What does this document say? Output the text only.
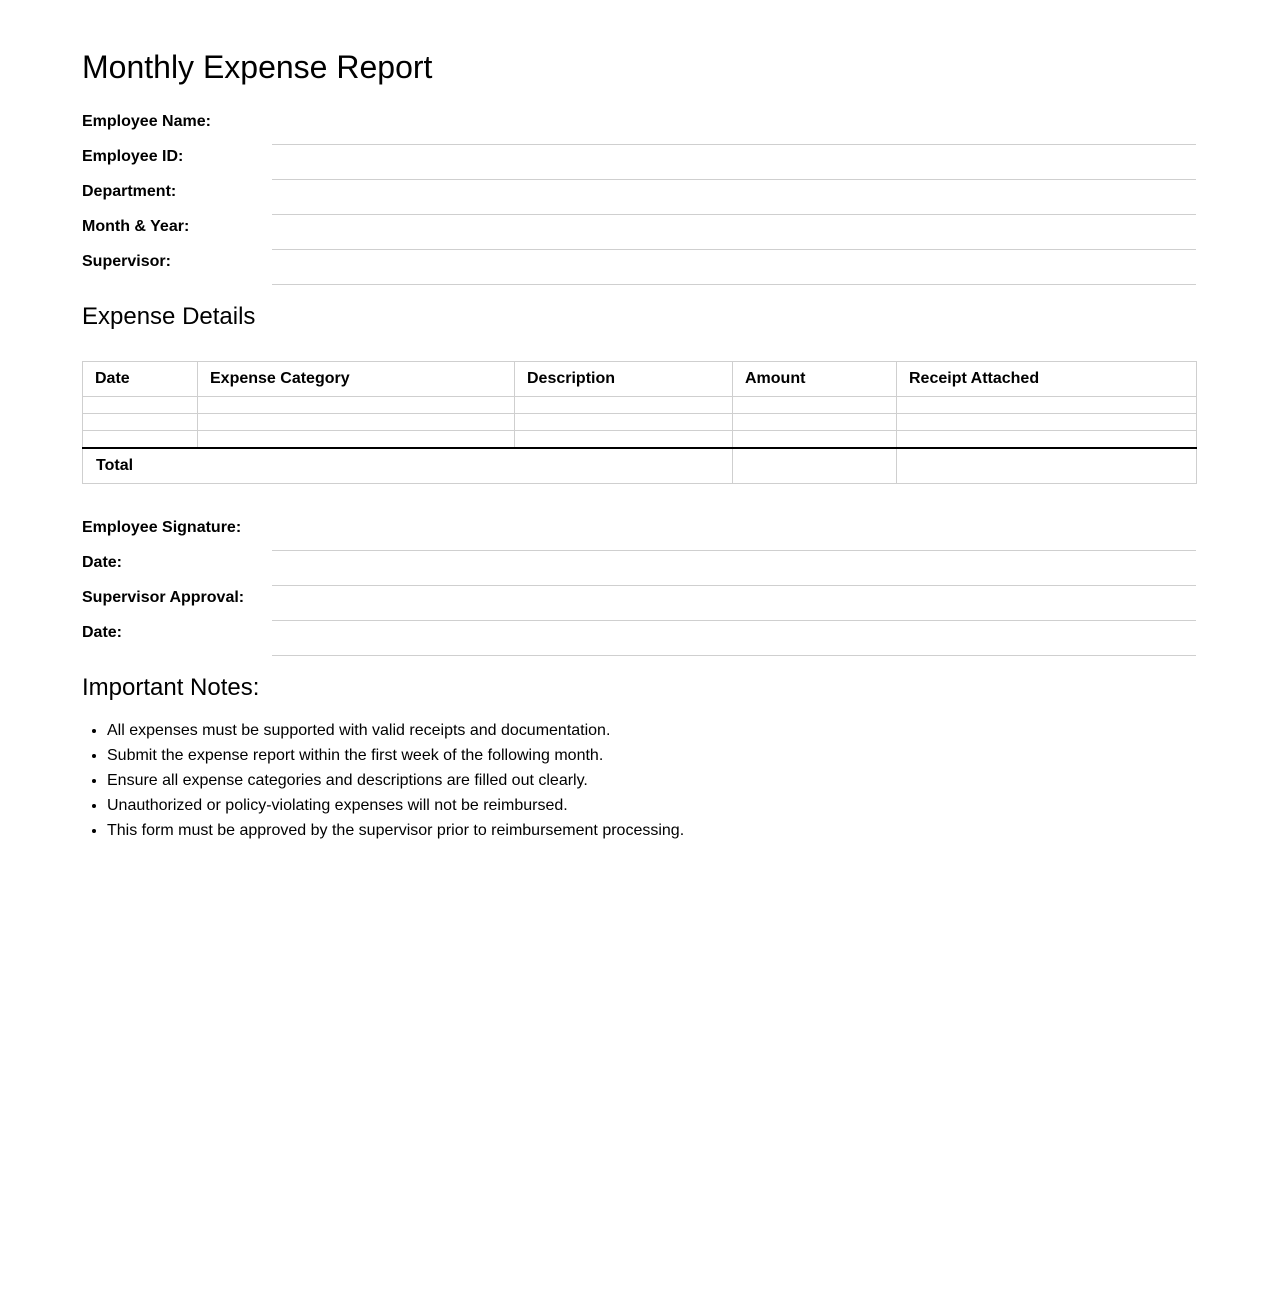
Monthly Expense Report
Employee Name:
Employee ID:
Department:
Month & Year:
Supervisor:
Expense Details
Date	Expense Category	Description	Amount	Receipt Attached

Total				
Employee Signature:
Date:
Supervisor Approval:
Date:
Important Notes:
• All expenses must be supported with valid receipts and documentation.
• Submit the expense report within the first week of the following month.
• Ensure all expense categories and descriptions are filled out clearly.
• Unauthorized or policy-violating expenses will not be reimbursed.
• This form must be approved by the supervisor prior to reimbursement processing.
